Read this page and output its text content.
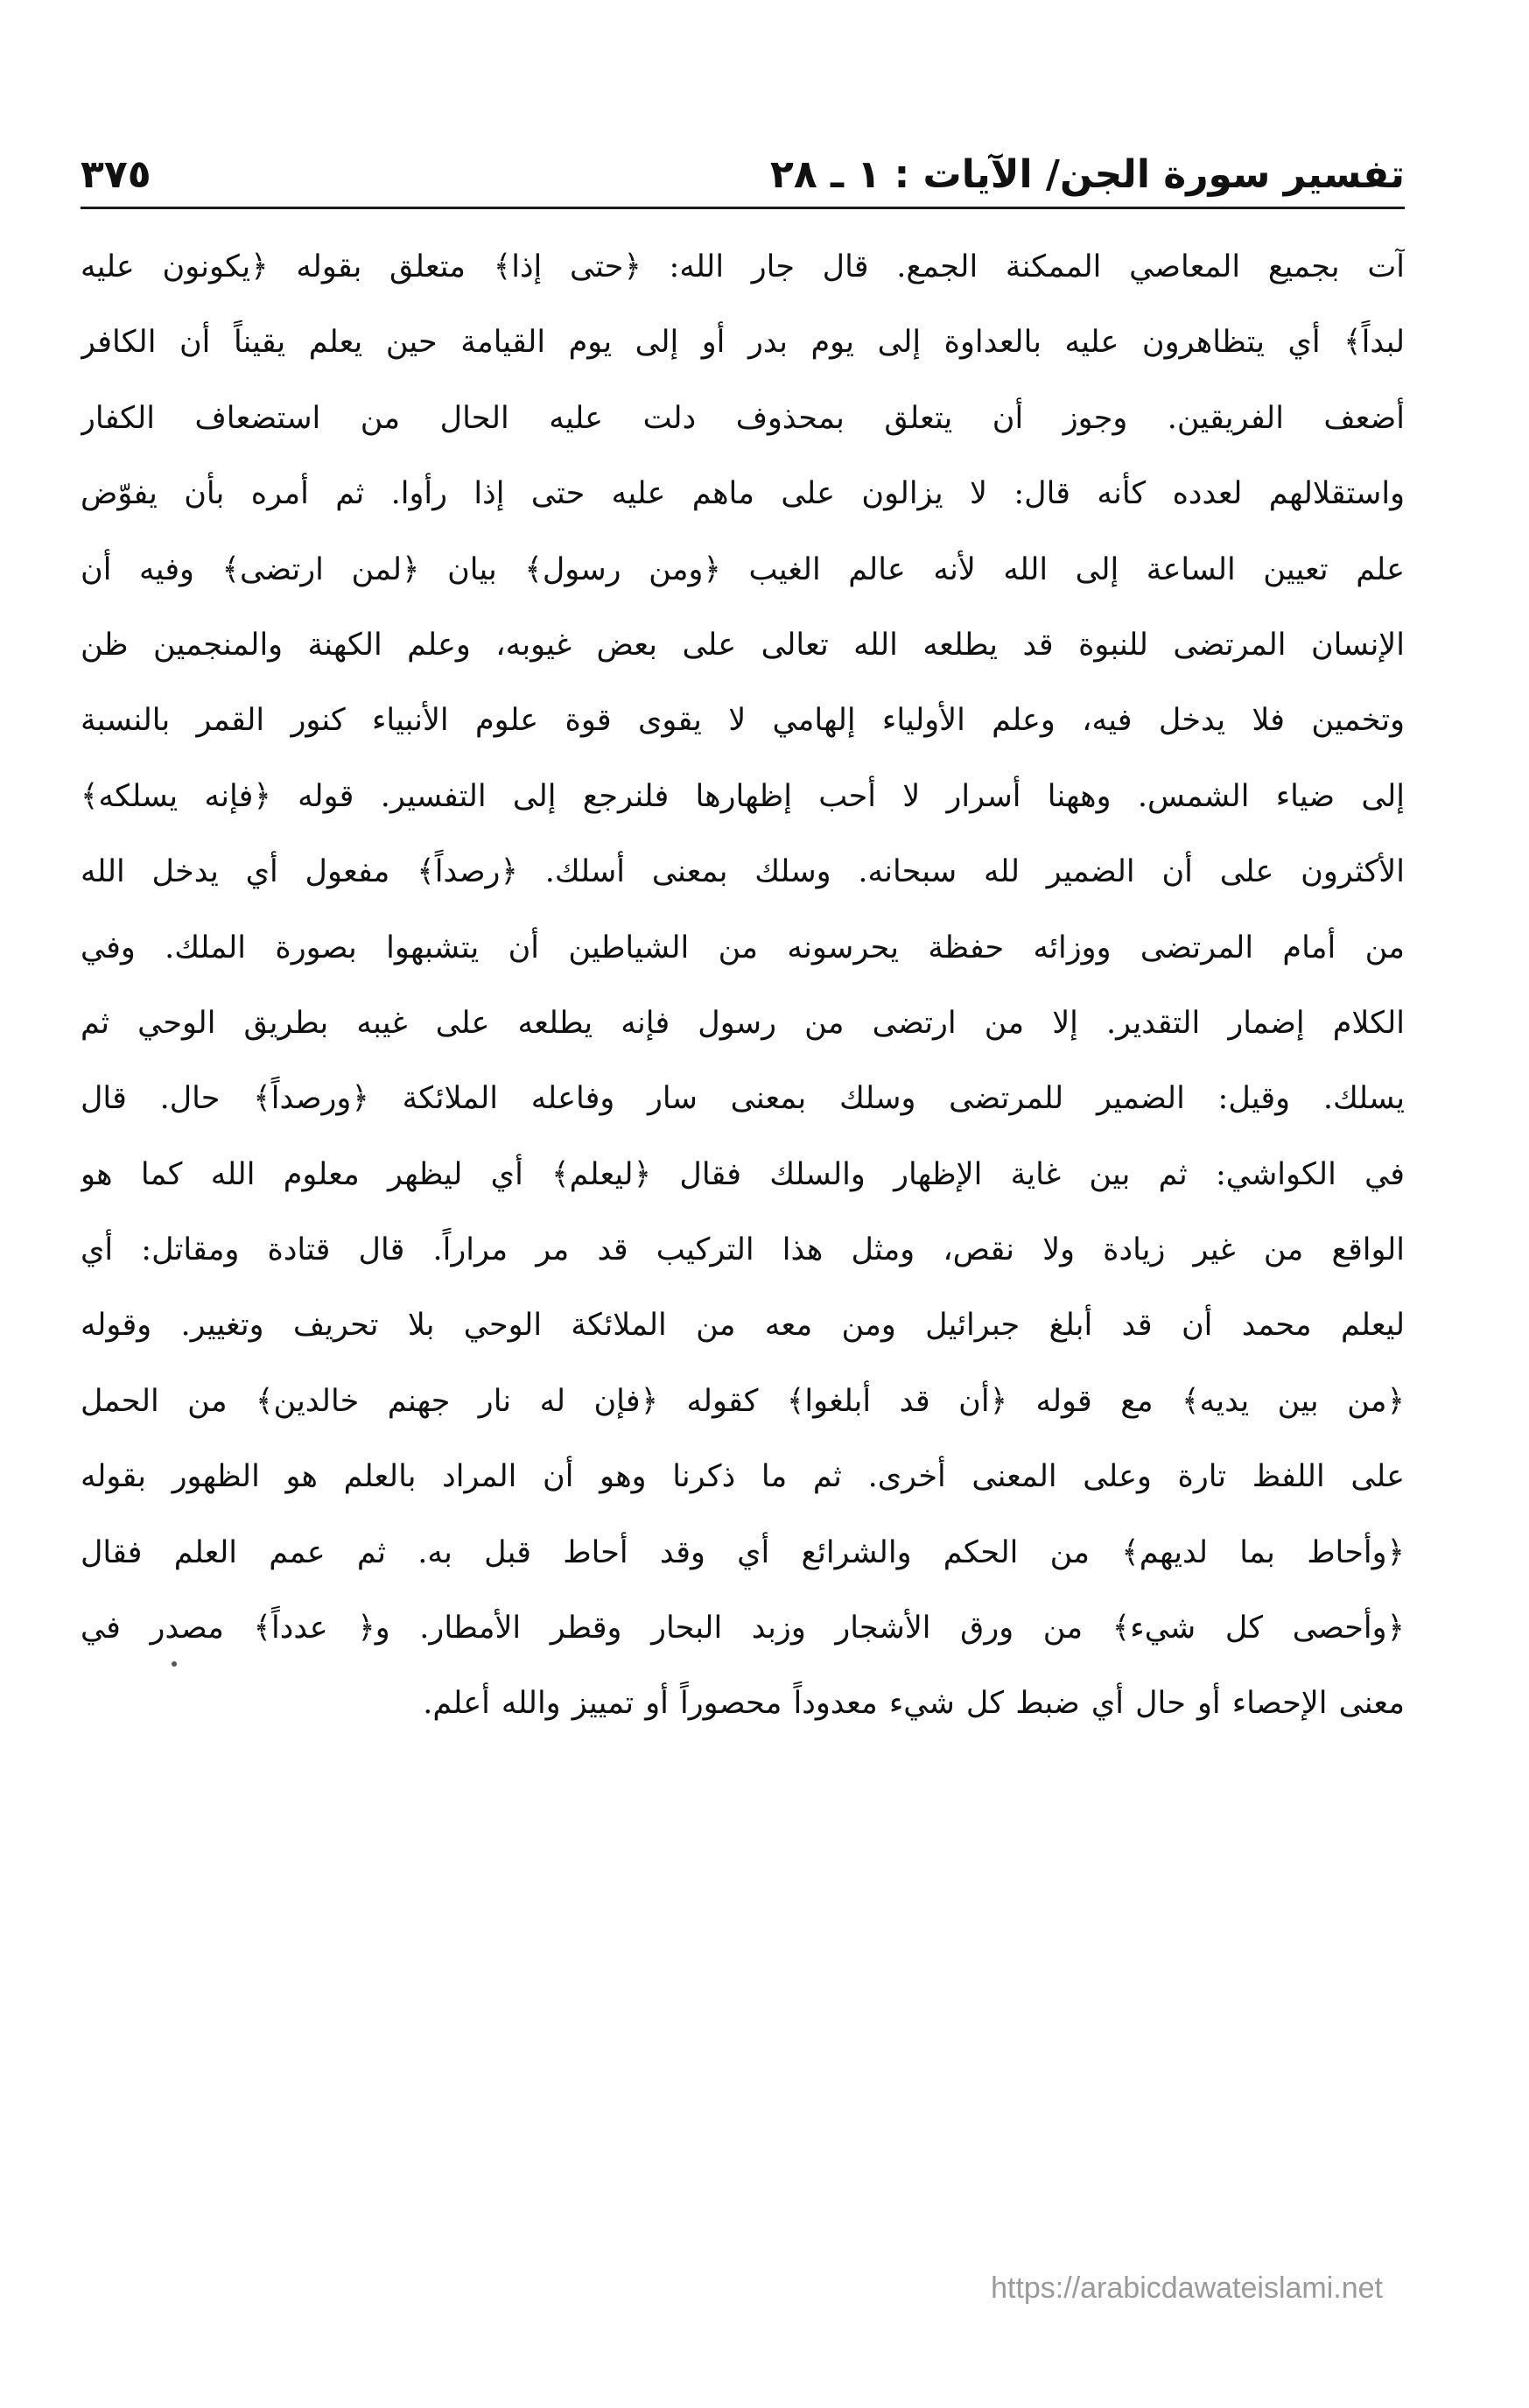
تفسير سورة الجن/ الآيات : ١ ـ ٢٨
٣٧٥
آت بجميع المعاصي الممكنة الجمع. قال جار الله: ﴿حتى إذا﴾ متعلق بقوله ﴿يكونون عليه
لبداً﴾ أي يتظاهرون عليه بالعداوة إلى يوم بدر أو إلى يوم القيامة حين يعلم يقيناً أن الكافر
أضعف الفريقين. وجوز أن يتعلق بمحذوف دلت عليه الحال من استضعاف الكفار
واستقلالهم لعدده كأنه قال: لا يزالون على ماهم عليه حتى إذا رأوا. ثم أمره بأن يفوّض
علم تعيين الساعة إلى الله لأنه عالم الغيب ﴿ومن رسول﴾ بيان ﴿لمن ارتضى﴾ وفيه أن
الإنسان المرتضى للنبوة قد يطلعه الله تعالى على بعض غيوبه، وعلم الكهنة والمنجمين ظن
وتخمين فلا يدخل فيه، وعلم الأولياء إلهامي لا يقوى قوة علوم الأنبياء كنور القمر بالنسبة
إلى ضياء الشمس. وههنا أسرار لا أحب إظهارها فلنرجع إلى التفسير. قوله ﴿فإنه يسلكه﴾
الأكثرون على أن الضمير لله سبحانه. وسلك بمعنى أسلك. ﴿رصداً﴾ مفعول أي يدخل الله
من أمام المرتضى ووزائه حفظة يحرسونه من الشياطين أن يتشبهوا بصورة الملك. وفي
الكلام إضمار التقدير. إلا من ارتضى من رسول فإنه يطلعه على غيبه بطريق الوحي ثم
يسلك. وقيل: الضمير للمرتضى وسلك بمعنى سار وفاعله الملائكة ﴿ورصداً﴾ حال. قال
في الكواشي: ثم بين غاية الإظهار والسلك فقال ﴿ليعلم﴾ أي ليظهر معلوم الله كما هو
الواقع من غير زيادة ولا نقص، ومثل هذا التركيب قد مر مراراً. قال قتادة ومقاتل: أي
ليعلم محمد أن قد أبلغ جبرائيل ومن معه من الملائكة الوحي بلا تحريف وتغيير. وقوله
﴿من بين يديه﴾ مع قوله ﴿أن قد أبلغوا﴾ كقوله ﴿فإن له نار جهنم خالدين﴾ من الحمل
على اللفظ تارة وعلى المعنى أخرى. ثم ما ذكرنا وهو أن المراد بالعلم هو الظهور بقوله
﴿وأحاط بما لديهم﴾ من الحكم والشرائع أي وقد أحاط قبل به. ثم عمم العلم فقال
﴿وأحصى كل شيء﴾ من ورق الأشجار وزبد البحار وقطر الأمطار. و﴿ عدداً﴾ مصدر في
معنى الإحصاء أو حال أي ضبط كل شيء معدوداً محصوراً أو تمييز والله أعلم.
https://arabicdawateislami.net
